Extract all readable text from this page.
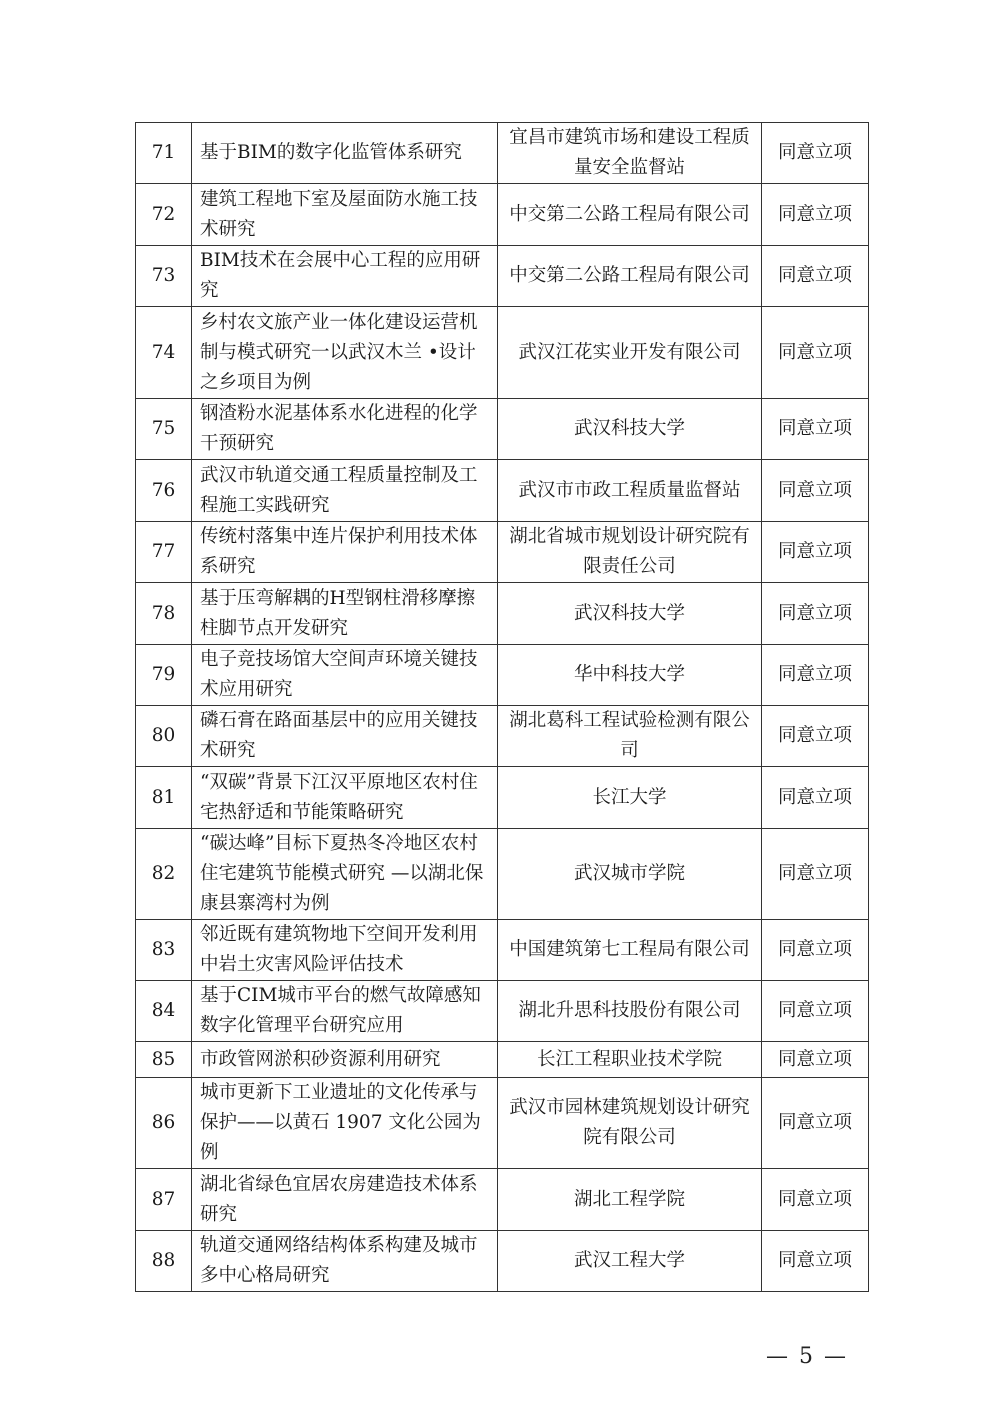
71	基于BIM的数字化监管体系研究	宜昌市建筑市场和建设工程质量安全监督站	同意立项
72	建筑工程地下室及屋面防水施工技术研究	中交第二公路工程局有限公司	同意立项
73	BIM技术在会展中心工程的应用研究	中交第二公路工程局有限公司	同意立项
74	乡村农文旅产业一体化建设运营机制与模式研究一以武汉木兰 •设计之乡项目为例	武汉江花实业开发有限公司	同意立项
75	钢渣粉水泥基体系水化进程的化学干预研究	武汉科技大学	同意立项
76	武汉市轨道交通工程质量控制及工程施工实践研究	武汉市市政工程质量监督站	同意立项
77	传统村落集中连片保护利用技术体系研究	湖北省城市规划设计研究院有限责任公司	同意立项
78	基于压弯解耦的H型钢柱滑移摩擦柱脚节点开发研究	武汉科技大学	同意立项
79	电子竞技场馆大空间声环境关键技术应用研究	华中科技大学	同意立项
80	磷石膏在路面基层中的应用关键技术研究	湖北葛科工程试验检测有限公司	同意立项
81	“双碳”背景下江汉平原地区农村住宅热舒适和节能策略研究	长江大学	同意立项
82	“碳达峰”目标下夏热冬冷地区农村住宅建筑节能模式研究 —以湖北保康县寨湾村为例	武汉城市学院	同意立项
83	邻近既有建筑物地下空间开发利用中岩土灾害风险评估技术	中国建筑第七工程局有限公司	同意立项
84	基于CIM城市平台的燃气故障感知数字化管理平台研究应用	湖北升思科技股份有限公司	同意立项
85	市政管网淤积砂资源利用研究	长江工程职业技术学院	同意立项
86	城市更新下工业遗址的文化传承与保护——以黄石 1907 文化公园为例	武汉市园林建筑规划设计研究院有限公司	同意立项
87	湖北省绿色宜居农房建造技术体系研究	湖北工程学院	同意立项
88	轨道交通网络结构体系构建及城市多中心格局研究	武汉工程大学	同意立项
— 5 —
